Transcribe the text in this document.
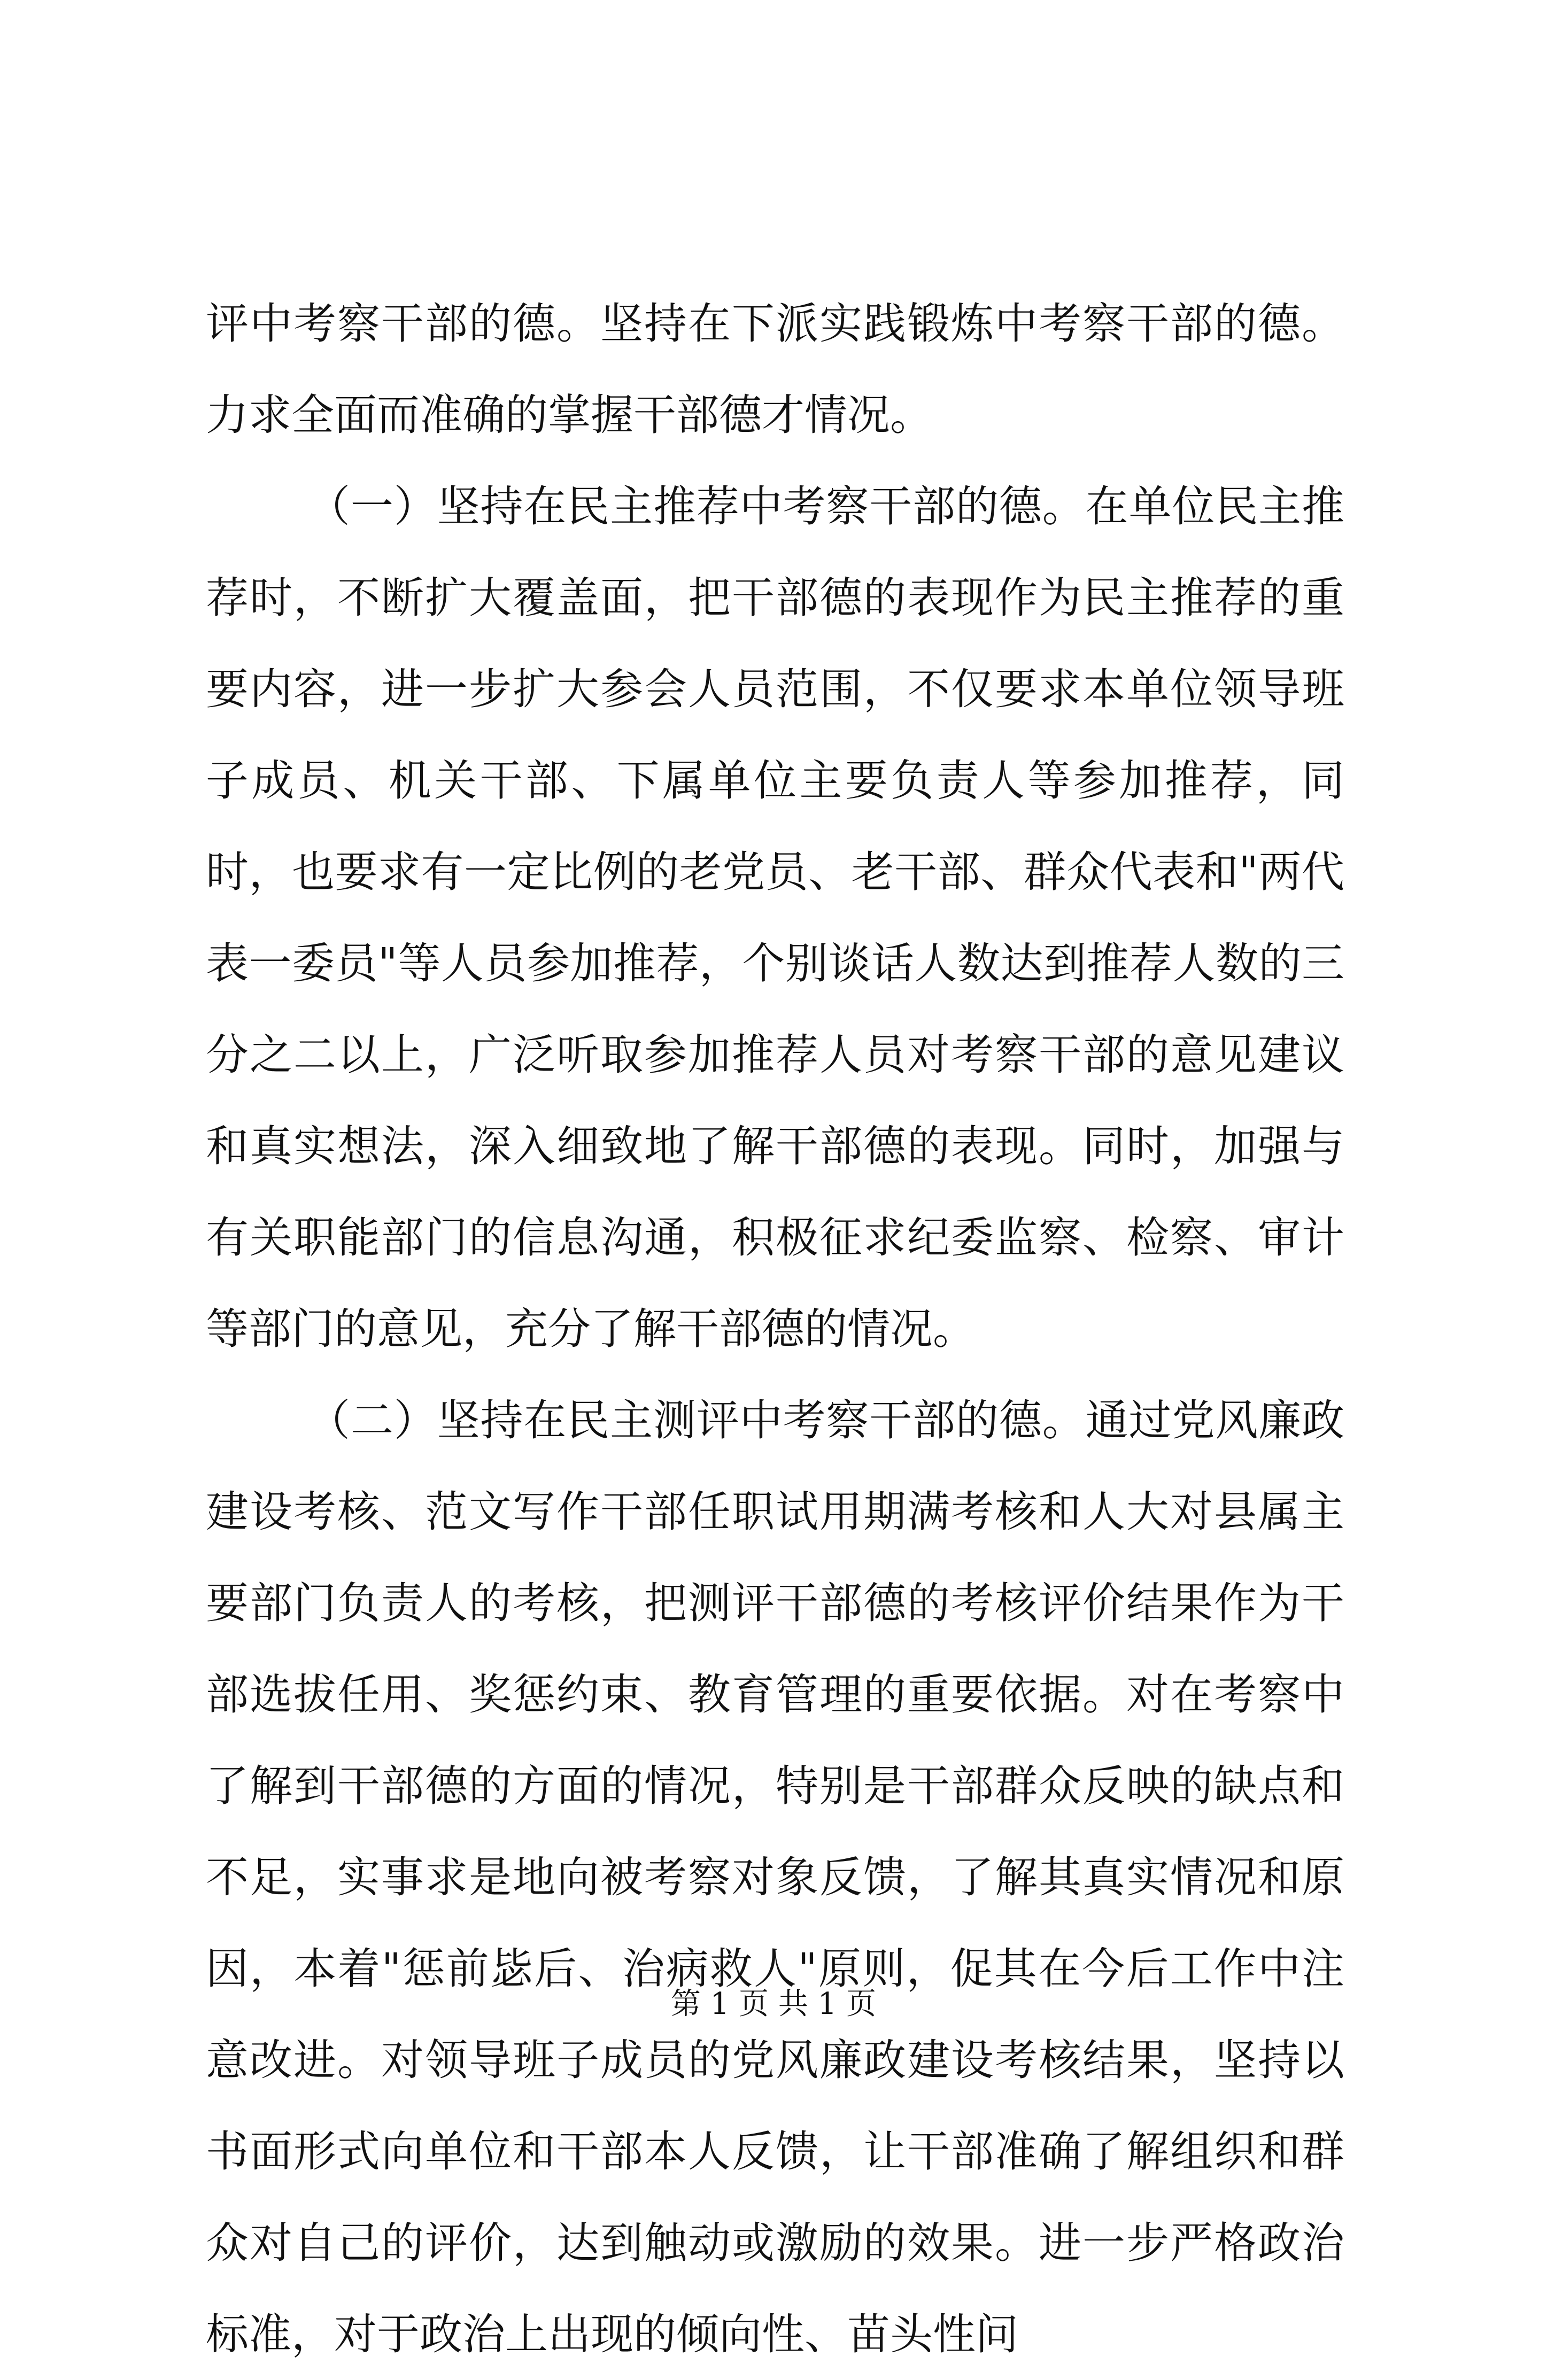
评中考察干部的德。坚持在下派实践锻炼中考察干部的德。力求全面而准确的掌握干部德才情况。

（一）坚持在民主推荐中考察干部的德。在单位民主推荐时，不断扩大覆盖面，把干部德的表现作为民主推荐的重要内容，进一步扩大参会人员范围，不仅要求本单位领导班子成员、机关干部、下属单位主要负责人等参加推荐，同时，也要求有一定比例的老党员、老干部、群众代表和"两代表一委员"等人员参加推荐，个别谈话人数达到推荐人数的三分之二以上，广泛听取参加推荐人员对考察干部的意见建议和真实想法，深入细致地了解干部德的表现。同时，加强与有关职能部门的信息沟通，积极征求纪委监察、检察、审计等部门的意见，充分了解干部德的情况。

（二）坚持在民主测评中考察干部的德。通过党风廉政建设考核、范文写作干部任职试用期满考核和人大对县属主要部门负责人的考核，把测评干部德的考核评价结果作为干部选拔任用、奖惩约束、教育管理的重要依据。对在考察中了解到干部德的方面的情况，特别是干部群众反映的缺点和不足，实事求是地向被考察对象反馈，了解其真实情况和原因，本着"惩前毖后、治病救人"原则，促其在今后工作中注意改进。对领导班子成员的党风廉政建设考核结果，坚持以书面形式向单位和干部本人反馈，让干部准确了解组织和群众对自己的评价，达到触动或激励的效果。进一步严格政治标准，对于政治上出现的倾向性、苗头性问

第 1 页 共 1 页
